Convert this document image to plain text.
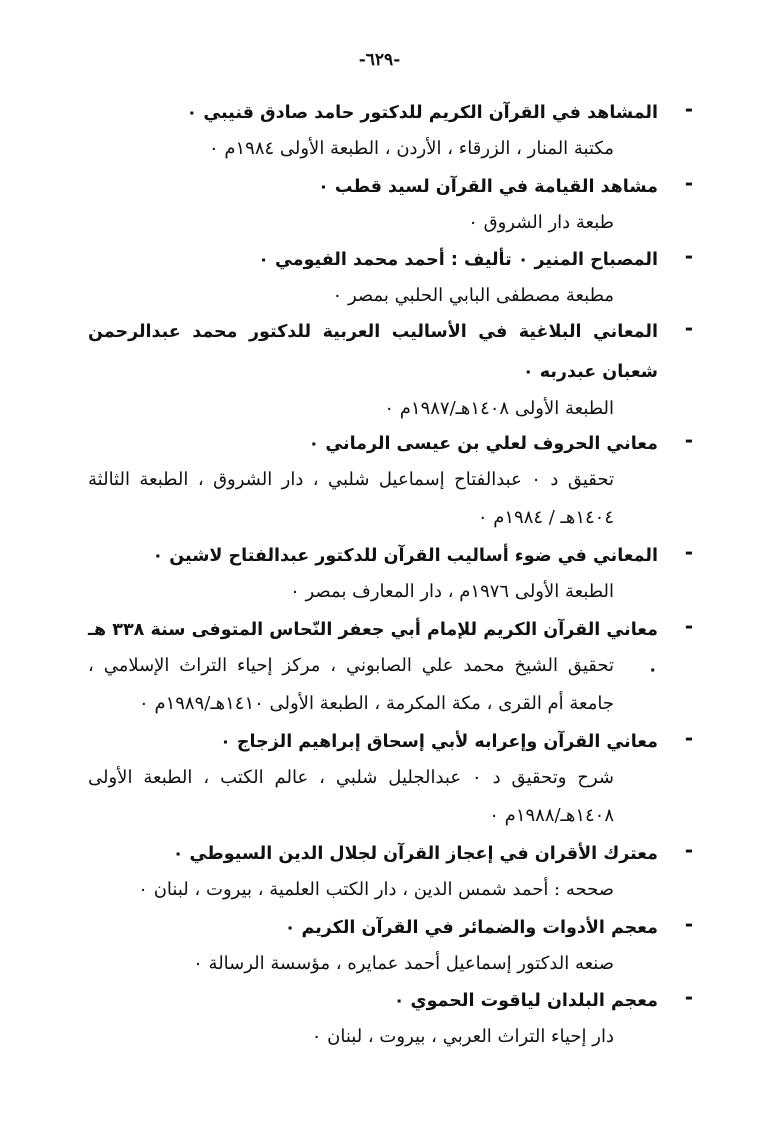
-٦٢٩-
-
المشاهد في القرآن الكريم للدكتور حامد صادق قنيبي ٠
مكتبة المنار ، الزرقاء ، الأردن ، الطبعة الأولى ١٩٨٤م ٠
-
مشاهد القيامة في القرآن لسيد قطب ٠
طبعة دار الشروق ٠
-
المصباح المنير ٠ تأليف : أحمد محمد الفيومي ٠
مطبعة مصطفى البابي الحلبي بمصر ٠
-
المعاني البلاغية في الأساليب العربية للدكتور محمد عبدالرحمن شعبان عبدربه ٠
الطبعة الأولى ١٤٠٨هـ/١٩٨٧م ٠
-
معاني الحروف لعلي بن عيسى الرماني ٠
تحقيق د ٠ عبدالفتاح إسماعيل شلبي ، دار الشروق ، الطبعة الثالثة ١٤٠٤هـ / ١٩٨٤م ٠
-
المعاني في ضوء أساليب القرآن للدكتور عبدالفتاح لاشين ٠
الطبعة الأولى ١٩٧٦م ، دار المعارف بمصر ٠
-
معاني القرآن الكريم للإمام أبي جعفر النّحاس المتوفى سنة ٣٣٨ هـ ٠
تحقيق الشيخ محمد علي الصابوني ، مركز إحياء التراث الإسلامي ، جامعة أم القرى ، مكة المكرمة ، الطبعة الأولى ١٤١٠هـ/١٩٨٩م ٠
-
معاني القرآن وإعرابه لأبي إسحاق إبراهيم الزجاج ٠
شرح وتحقيق د ٠ عبدالجليل شلبي ، عالم الكتب ، الطبعة الأولى ١٤٠٨هـ/١٩٨٨م ٠
-
معترك الأقران في إعجاز القرآن لجلال الدين السيوطي ٠
صححه : أحمد شمس الدين ، دار الكتب العلمية ، بيروت ، لبنان ٠
-
معجم الأدوات والضمائر في القرآن الكريم ٠
صنعه الدكتور إسماعيل أحمد عمايره ، مؤسسة الرسالة ٠
-
معجم البلدان لياقوت الحموي ٠
دار إحياء التراث العربي ، بيروت ، لبنان ٠
